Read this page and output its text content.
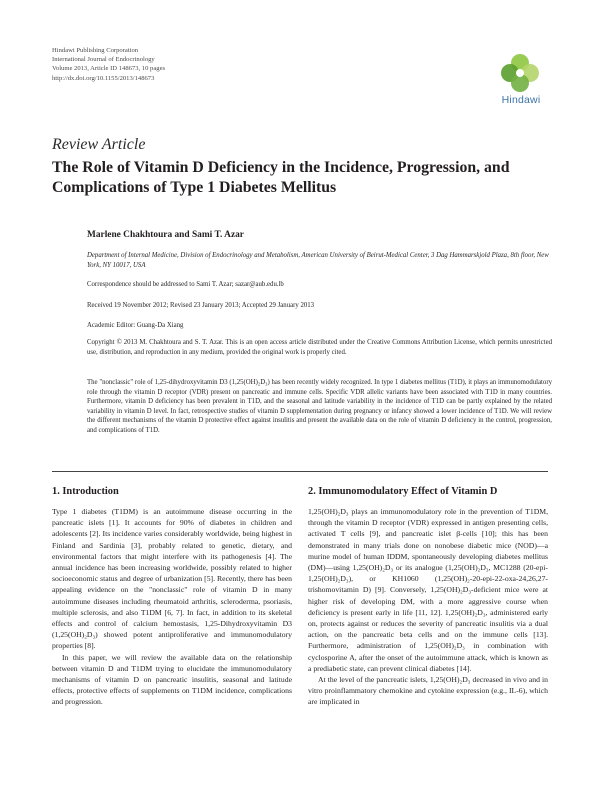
Hindawi Publishing Corporation
International Journal of Endocrinology
Volume 2013, Article ID 148673, 10 pages
http://dx.doi.org/10.1155/2013/148673
Hindawi
Review Article
The Role of Vitamin D Deficiency in the Incidence, Progression, and Complications of Type 1 Diabetes Mellitus
Marlene Chakhtoura and Sami T. Azar
Department of Internal Medicine, Division of Endocrinology and Metabolism, American University of Beirut-Medical Center, 3 Dag Hammarskjold Plaza, 8th floor, New York, NY 10017, USA
Correspondence should be addressed to Sami T. Azar; sazar@aub.edu.lb
Received 19 November 2012; Revised 23 January 2013; Accepted 29 January 2013
Academic Editor: Guang-Da Xiang
Copyright © 2013 M. Chakhtoura and S. T. Azar. This is an open access article distributed under the Creative Commons Attribution License, which permits unrestricted use, distribution, and reproduction in any medium, provided the original work is properly cited.
The "nonclassic" role of 1,25-dihydroxyvitamin D3 (1,25(OH)₂D₃) has been recently widely recognized. In type 1 diabetes mellitus (T1D), it plays an immunomodulatory role through the vitamin D receptor (VDR) present on pancreatic and immune cells. Specific VDR allelic variants have been associated with T1D in many countries. Furthermore, vitamin D deficiency has been prevalent in T1D, and the seasonal and latitude variability in the incidence of T1D can be partly explained by the related variability in vitamin D level. In fact, retrospective studies of vitamin D supplementation during pregnancy or infancy showed a lower incidence of T1D. We will review the different mechanisms of the vitamin D protective effect against insulitis and present the available data on the role of vitamin D deficiency in the control, progression, and complications of T1D.
1. Introduction	2. Immunomodulatory Effect of Vitamin D

Type 1 diabetes (T1DM) is an autoimmune disease occurring in the pancreatic islets [1]. It accounts for 90% of diabetes in children and adolescents [2]. Its incidence varies considerably worldwide, being highest in Finland and Sardinia [3], probably related to genetic, dietary, and environmental factors that might interfere with its pathogenesis [4]. The annual incidence has been increasing worldwide, possibly related to higher socioeconomic status and degree of urbanization [5]. Recently, there has been appealing evidence on the "nonclassic" role of vitamin D in many autoimmune diseases including rheumatoid arthritis, scleroderma, psoriasis, multiple sclerosis, and also T1DM [6, 7]. In fact, in addition to its skeletal effects and control of calcium hemostasis, 1,25-Dihydroxyvitamin D3 (1,25(OH)₂D₃) showed potent antiproliferative and immunomodulatory properties [8].

In this paper, we will review the available data on the relationship between vitamin D and T1DM trying to elucidate the immunomodulatory mechanisms of vitamin D on pancreatic insulitis, seasonal and latitude effects, protective effects of supplements on T1DM incidence, complications and progression.

1,25(OH)₂D₃ plays an immunomodulatory role in the prevention of T1DM, through the vitamin D receptor (VDR) expressed in antigen presenting cells, activated T cells [9], and pancreatic islet β-cells [10]; this has been demonstrated in many trials done on nonobese diabetic mice (NOD)—a murine model of human IDDM, spontaneously developing diabetes mellitus (DM)—using 1,25(OH)₂D₃ or its analogue (1,25(OH)₂D₃, MC1288 (20-epi-1,25(OH)₂D₃), or KH1060 (1,25(OH)₂-20-epi-22-oxa-24,26,27-trishomovitamin D) [9]. Conversely, 1,25(OH)₂D₃-deficient mice were at higher risk of developing DM, with a more aggressive course when deficiency is present early in life [11, 12]. 1,25(OH)₂D₃, administered early on, protects against or reduces the severity of pancreatic insulitis via a dual action, on the pancreatic beta cells and on the immune cells [13]. Furthermore, administration of 1,25(OH)₂D₃ in combination with cyclosporine A, after the onset of the autoimmune attack, which is known as a prediabetic state, can prevent clinical diabetes [14].

At the level of the pancreatic islets, 1,25(OH)₂D₃ decreased in vivo and in vitro proinflammatory chemokine and cytokine expression (e.g., IL-6), which are implicated in
